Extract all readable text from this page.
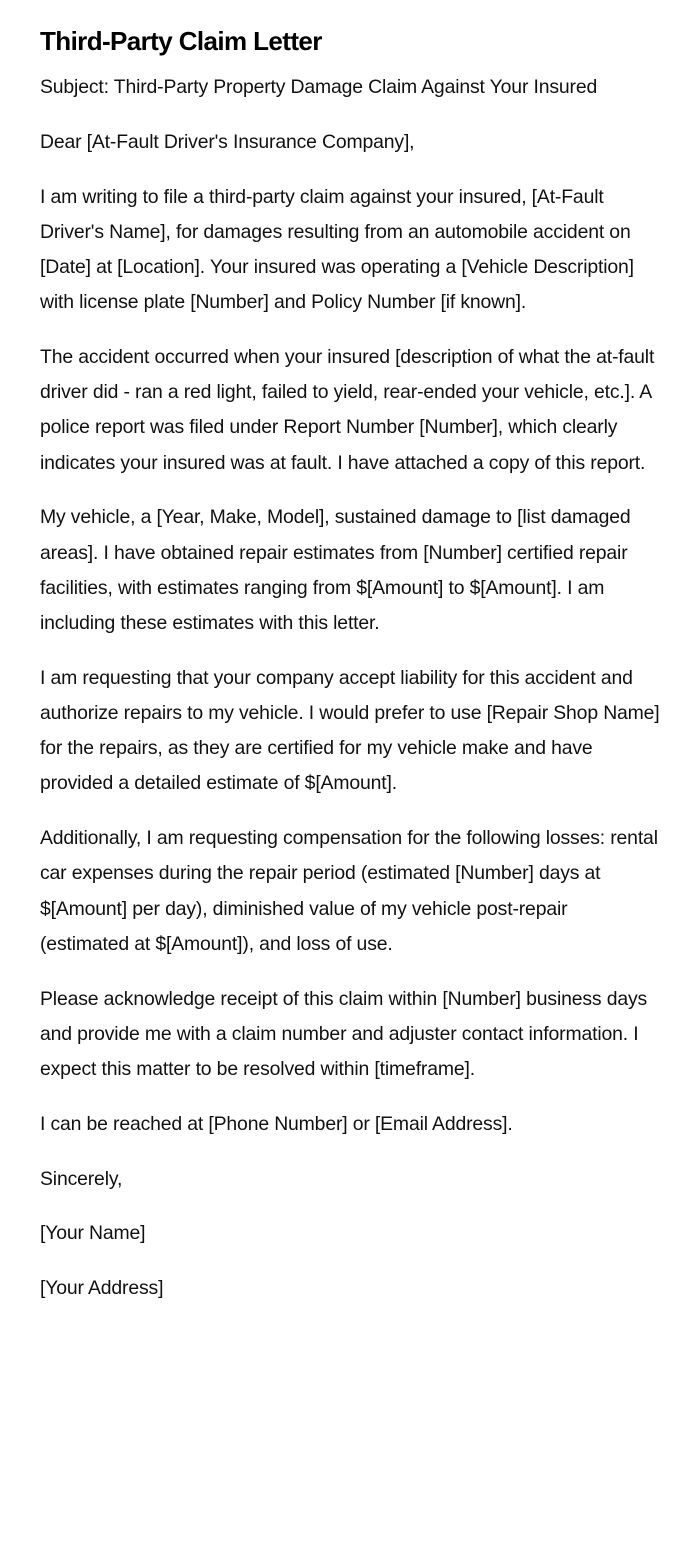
Third-Party Claim Letter

Subject: Third-Party Property Damage Claim Against Your Insured

Dear [At-Fault Driver's Insurance Company],

I am writing to file a third-party claim against your insured, [At-Fault Driver's Name], for damages resulting from an automobile accident on [Date] at [Location]. Your insured was operating a [Vehicle Description] with license plate [Number] and Policy Number [if known].

The accident occurred when your insured [description of what the at-fault driver did - ran a red light, failed to yield, rear-ended your vehicle, etc.]. A police report was filed under Report Number [Number], which clearly indicates your insured was at fault. I have attached a copy of this report.

My vehicle, a [Year, Make, Model], sustained damage to [list damaged areas]. I have obtained repair estimates from [Number] certified repair facilities, with estimates ranging from $[Amount] to $[Amount]. I am including these estimates with this letter.

I am requesting that your company accept liability for this accident and authorize repairs to my vehicle. I would prefer to use [Repair Shop Name] for the repairs, as they are certified for my vehicle make and have provided a detailed estimate of $[Amount].

Additionally, I am requesting compensation for the following losses: rental car expenses during the repair period (estimated [Number] days at $[Amount] per day), diminished value of my vehicle post-repair (estimated at $[Amount]), and loss of use.

Please acknowledge receipt of this claim within [Number] business days and provide me with a claim number and adjuster contact information. I expect this matter to be resolved within [timeframe].

I can be reached at [Phone Number] or [Email Address].

Sincerely,

[Your Name]

[Your Address]
